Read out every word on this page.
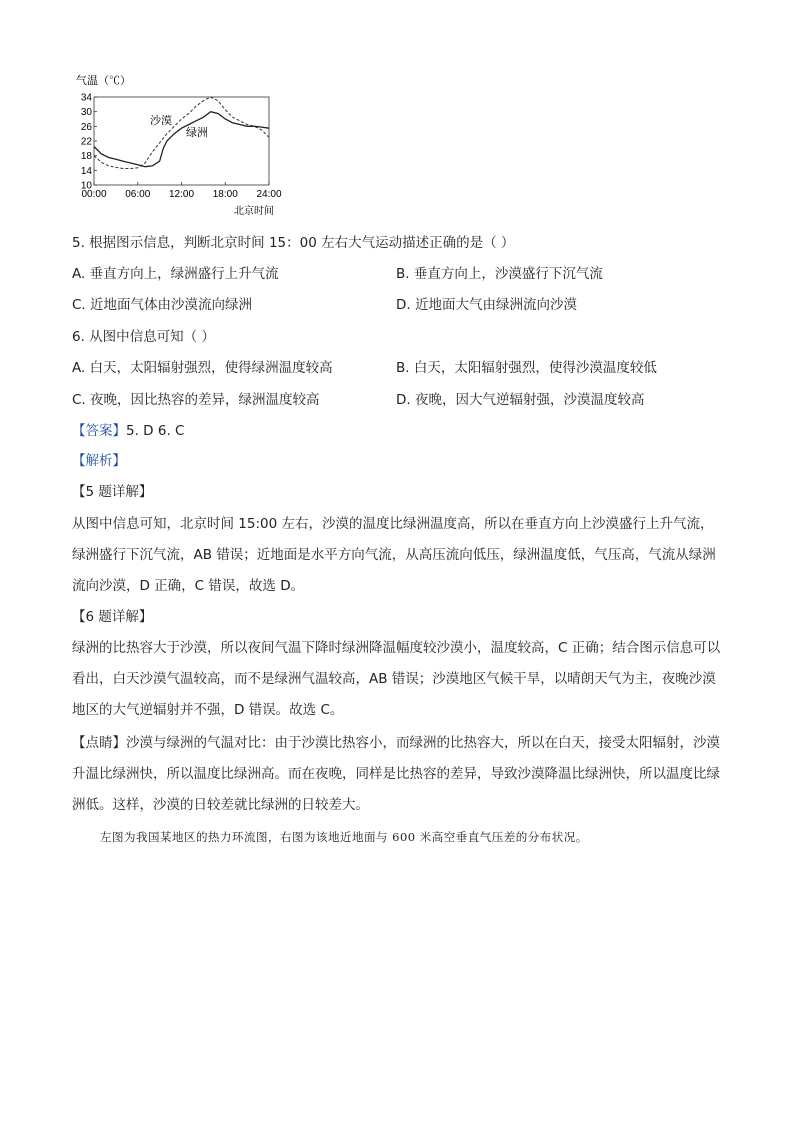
气温（℃）
10
14
18
22
26
30
34
00:00 06:00 12:00 18:00 24:00
沙漠
绿洲
北京时间
5. 根据图示信息，判断北京时间 15：00 左右大气运动描述正确的是（ ）
A. 垂直方向上，绿洲盛行上升气流	B. 垂直方向上，沙漠盛行下沉气流
C. 近地面气体由沙漠流向绿洲	D. 近地面大气由绿洲流向沙漠
6. 从图中信息可知（ ）
A. 白天，太阳辐射强烈，使得绿洲温度较高	B. 白天，太阳辐射强烈，使得沙漠温度较低
C. 夜晚，因比热容的差异，绿洲温度较高	D. 夜晚，因大气逆辐射强，沙漠温度较高
【答案】5. D 6. C
【解析】
【5 题详解】
从图中信息可知，北京时间 15:00 左右，沙漠的温度比绿洲温度高，所以在垂直方向上沙漠盛行上升气流，绿洲盛行下沉气流，AB 错误；近地面是水平方向气流，从高压流向低压，绿洲温度低，气压高，气流从绿洲流向沙漠，D 正确，C 错误，故选 D。
【6 题详解】
绿洲的比热容大于沙漠，所以夜间气温下降时绿洲降温幅度较沙漠小，温度较高，C 正确；结合图示信息可以看出，白天沙漠气温较高，而不是绿洲气温较高，AB 错误；沙漠地区气候干旱，以晴朗天气为主，夜晚沙漠地区的大气逆辐射并不强，D 错误。故选 C。
【点睛】沙漠与绿洲的气温对比：由于沙漠比热容小，而绿洲的比热容大，所以在白天，接受太阳辐射，沙漠升温比绿洲快，所以温度比绿洲高。而在夜晚，同样是比热容的差异，导致沙漠降温比绿洲快，所以温度比绿洲低。这样，沙漠的日较差就比绿洲的日较差大。
左图为我国某地区的热力环流图，右图为该地近地面与 600 米高空垂直气压差的分布状况。
